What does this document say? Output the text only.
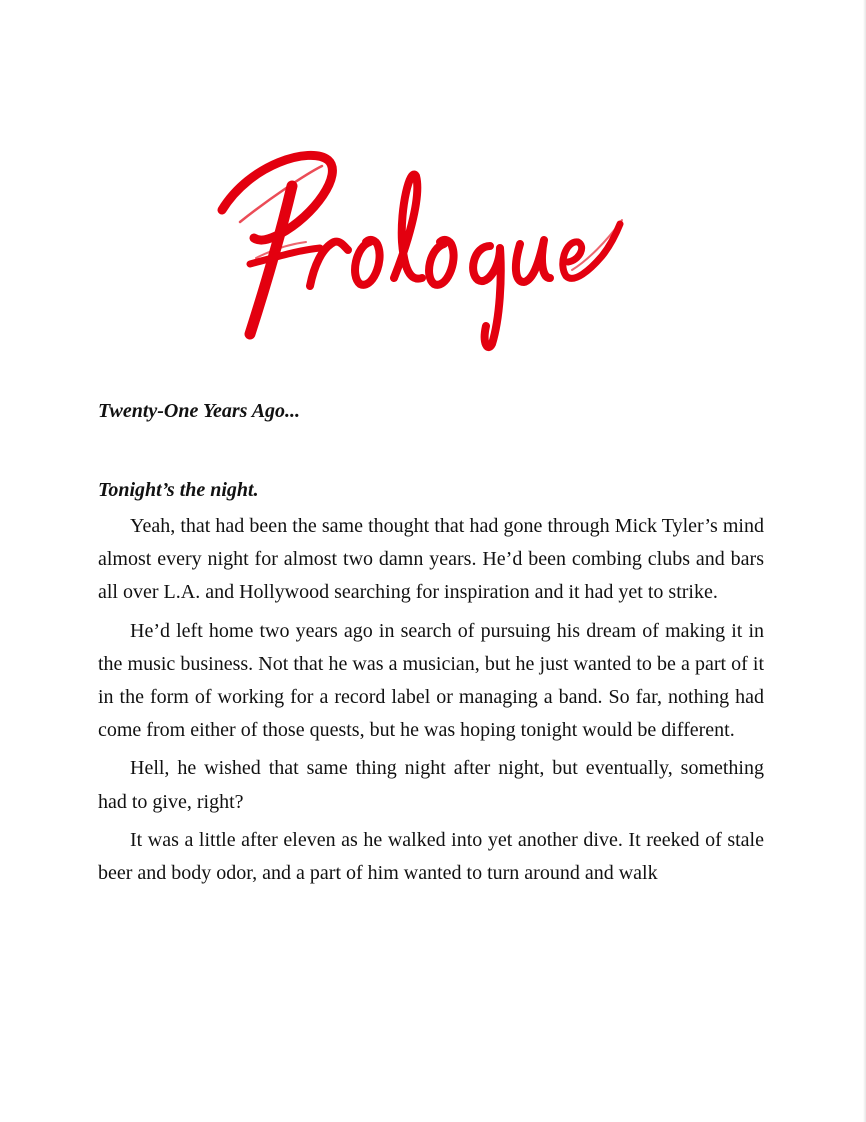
Twenty-One Years Ago...
Tonight’s the night.

Yeah, that had been the same thought that had gone through Mick Tyler’s mind almost every night for almost two damn years. He’d been combing clubs and bars all over L.A. and Hollywood searching for inspiration and it had yet to strike.

He’d left home two years ago in search of pursuing his dream of making it in the music business. Not that he was a musician, but he just wanted to be a part of it in the form of working for a record label or managing a band. So far, nothing had come from either of those quests, but he was hoping tonight would be different.

Hell, he wished that same thing night after night, but eventually, something had to give, right?

It was a little after eleven as he walked into yet another dive. It reeked of stale beer and body odor, and a part of him wanted to turn around and walk
